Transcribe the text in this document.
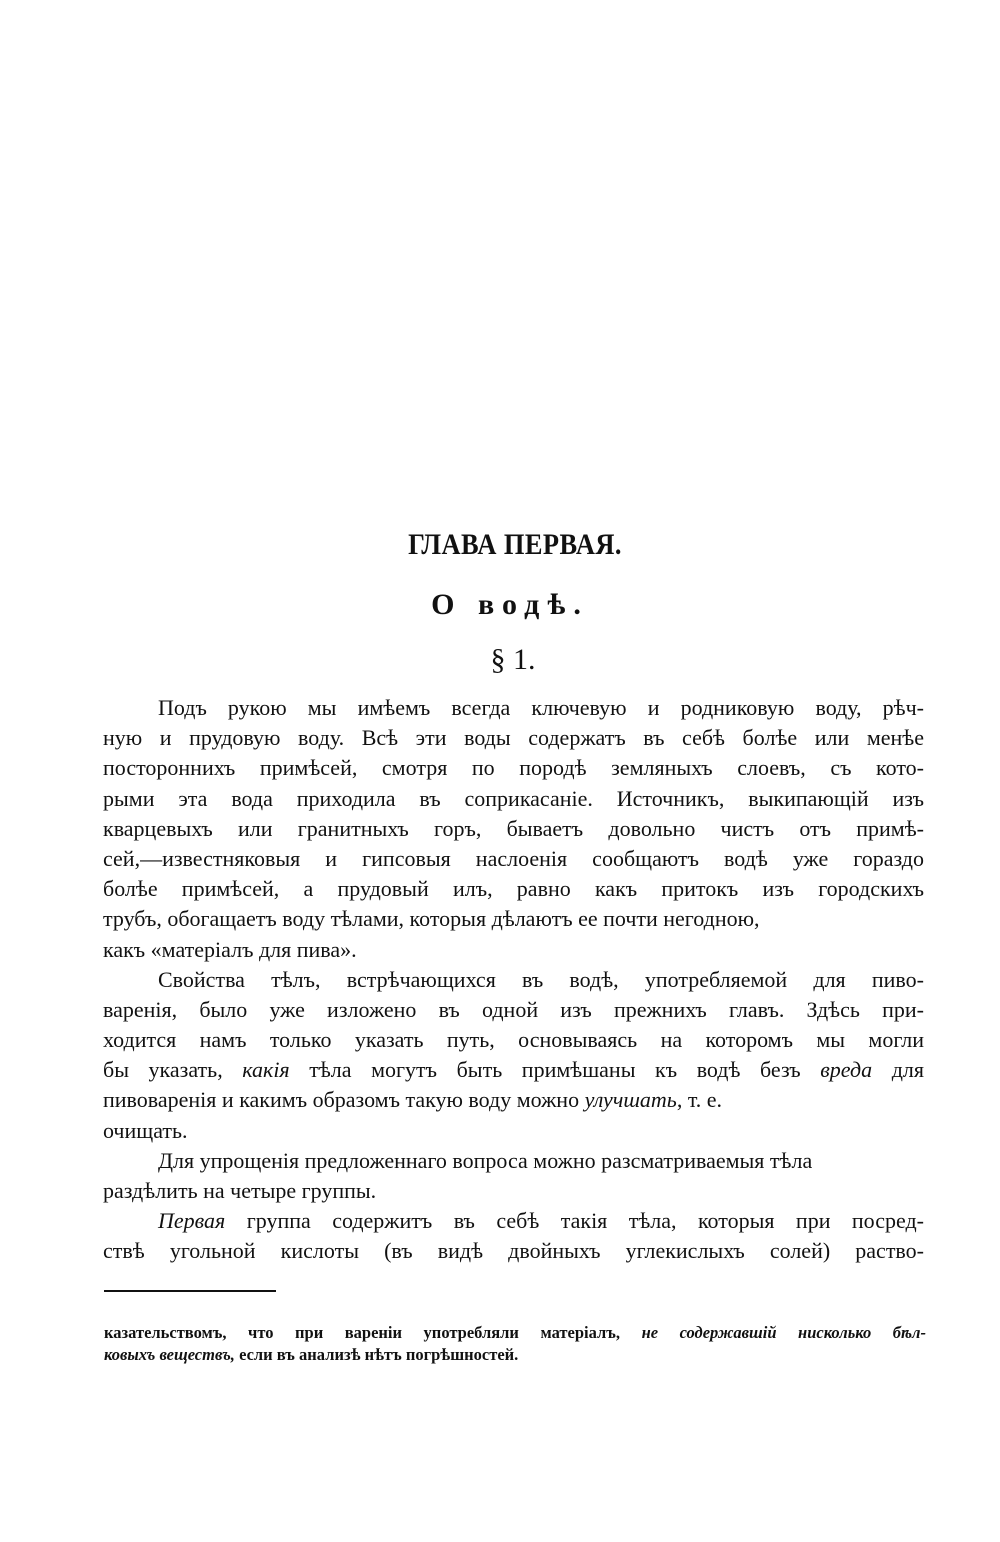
ГЛАВА ПЕРВАЯ.
О водѣ.
§ 1.
Подъ рукою мы имѣемъ всегда ключевую и родниковую воду, рѣч-
ную и прудовую воду. Всѣ эти воды содержатъ въ себѣ болѣе или менѣе
постороннихъ примѣсей, смотря по породѣ земляныхъ слоевъ, съ кото-
рыми эта вода приходила въ соприкасаніе. Источникъ, выкипающій изъ
кварцевыхъ или гранитныхъ горъ, бываетъ довольно чистъ отъ примѣ-
сей,—известняковыя и гипсовыя наслоенія сообщаютъ водѣ уже гораздо
болѣе примѣсей, а прудовый илъ, равно какъ притокъ изъ городскихъ
трубъ, обогащаетъ воду тѣлами, которыя дѣлаютъ ее почти негодною,
какъ «матеріалъ для пива».
Свойства тѣлъ, встрѣчающихся въ водѣ, употребляемой для пиво-
варенія, было уже изложено въ одной изъ прежнихъ главъ. Здѣсь при-
ходится намъ только указать путь, основываясь на которомъ мы могли
бы указать, какія тѣла могутъ быть примѣшаны къ водѣ безъ вреда для
пивоваренія и какимъ образомъ такую воду можно улучшать, т. е.
очищать.
Для упрощенія предложеннаго вопроса можно разсматриваемыя тѣла
раздѣлить на четыре группы.
Первая группа содержитъ въ себѣ такія тѣла, которыя при посред-
ствѣ угольной кислоты (въ видѣ двойныхъ углекислыхъ солей) раство-
казательствомъ, что при вареніи употребляли матеріалъ, не содержавшій нисколько бѣл-
ковыхъ веществъ, если въ анализѣ нѣтъ погрѣшностей.
